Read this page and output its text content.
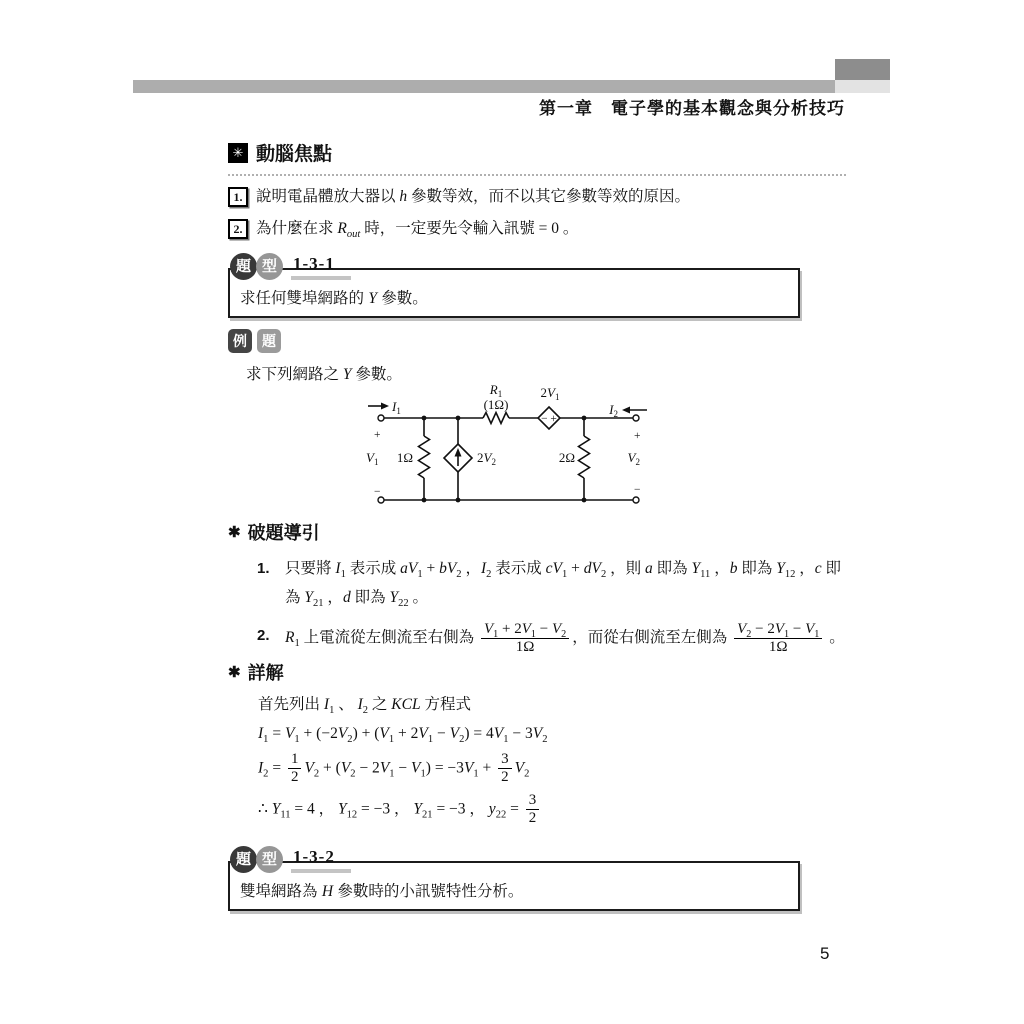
第一章　電子學的基本觀念與分析技巧
✳ 動腦焦點
1. 說明電晶體放大器以 h 參數等效，而不以其它參數等效的原因。
2. 為什麼在求 $R_{out}$ 時，一定要先令輸入訊號 = 0 。
題 型 1-3-1
求任何雙埠網路的 Y 參數。
例	題
求下列網路之 Y 參數。
$I_1$	$I_2$
+
−
+
−
$V_1$	$V_2$
1Ω	2Ω
$2V_2$
$R_1$
(1Ω)
$2V_1$
− +
✱ 破題導引
1. 只要將 $I_1$ 表示成 $aV_1 + bV_2$ ，$I_2$ 表示成 $cV_1 + dV_2$ ，則 a 即為 $Y_{11}$ ，b 即為 $Y_{12}$ ，c 即為 $Y_{21}$ ，d 即為 $Y_{22}$ 。
2. $R_1$ 上電流從左側流至右側為 $\frac{V_1 + 2V_1 - V_2}{1\Omega}$ ，而從右側流至左側為 $\frac{V_2 - 2V_1 - V_1}{1\Omega}$ 。
✱ 詳解
首先列出 $I_1$ 、 $I_2$ 之 KCL 方程式
$I_1 = V_1 + (-2V_2) + (V_1 + 2V_1 - V_2) = 4V_1 - 3V_2$
$I_2 = \frac{1}{2} V_2 + (V_2 - 2V_1 - V_1) = -3V_1 + \frac{3}{2} V_2$
∴ $Y_{11} = 4$ ， $Y_{12} = -3$ ， $Y_{21} = -3$ ， $y_{22} = \frac{3}{2}$
題 型 1-3-2
雙埠網路為 H 參數時的小訊號特性分析。
5
